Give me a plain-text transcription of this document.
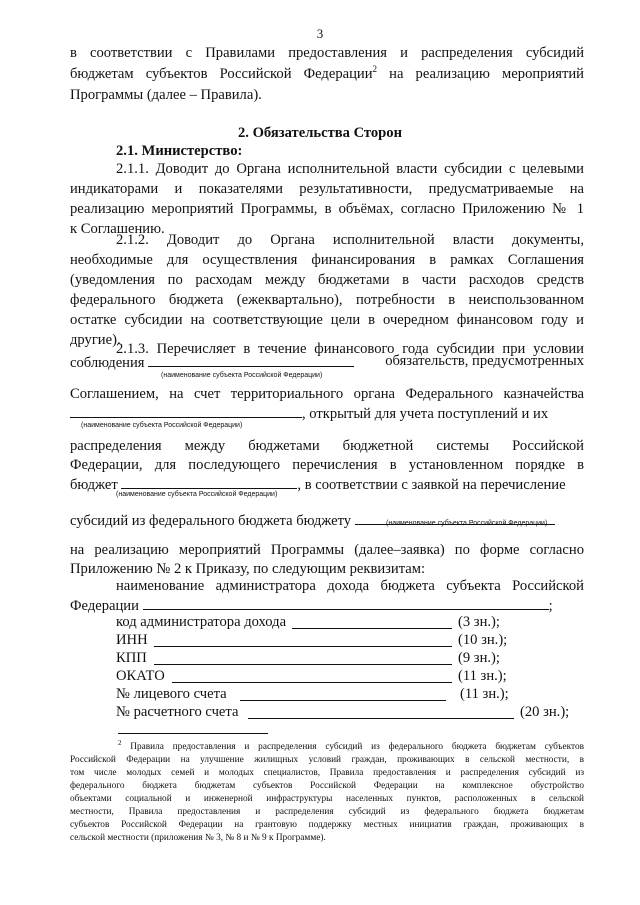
3
в соответствии с Правилами предоставления и распределения субсидий
бюджетам субъектов Российской Федерации$^2$ на реализацию мероприятий
Программы (далее – Правила).
2. Обязательства Сторон
2.1. Министерство:
2.1.1. Доводит до Органа исполнительной власти субсидии с целевыми
индикаторами и показателями результативности, предусматриваемые на
реализацию мероприятий Программы, в объёмах, согласно Приложению № 1
к Соглашению.
2.1.2. Доводит до Органа исполнительной власти документы,
необходимые для осуществления финансирования в рамках Соглашения
(уведомления по расходам между бюджетами в части расходов средств
федерального бюджета (ежеквартально), потребности в неиспользованном
остатке субсидии на соответствующие цели в очередном финансовом году и
другие).
2.1.3. Перечисляет в течение финансового года субсидии при условии
соблюдения	обязательств, предусмотренных
(наименование субъекта Российской Федерации)
Соглашением, на счет территориального органа Федерального казначейства
, открытый для учета поступлений и их
(наименование субъекта Российской Федерации)
распределения между бюджетами бюджетной системы Российской
Федерации, для последующего перечисления в установленном порядке в
бюджет	, в соответствии с заявкой на перечисление
(наименование субъекта Российской Федерации)
субсидий из федерального бюджета бюджету	(наименование субъекта Российской Федерации)
на реализацию мероприятий Программы (далее–заявка) по форме согласно
Приложению № 2 к Приказу, по следующим реквизитам:
наименование администратора дохода бюджета субъекта Российской
Федерации	;
код администратора дохода	(3 зн.);
ИНН	(10 зн.);
КПП	(9 зн.);
ОКАТО	(11 зн.);
№ лицевого счета	(11 зн.);
№ расчетного счета	(20 зн.);
$^2$ Правила предоставления и распределения субсидий из федерального бюджета бюджетам субъектов
Российской Федерации на улучшение жилищных условий граждан, проживающих в сельской местности, в
том числе молодых семей и молодых специалистов, Правила предоставления и распределения субсидий из
федерального бюджета бюджетам субъектов Российской Федерации на комплексное обустройство
объектами социальной и инженерной инфраструктуры населенных пунктов, расположенных в сельской
местности, Правила предоставления и распределения субсидий из федерального бюджета бюджетам
субъектов Российской Федерации на грантовую поддержку местных инициатив граждан, проживающих в
сельской местности (приложения № 3, № 8 и № 9 к Программе).
